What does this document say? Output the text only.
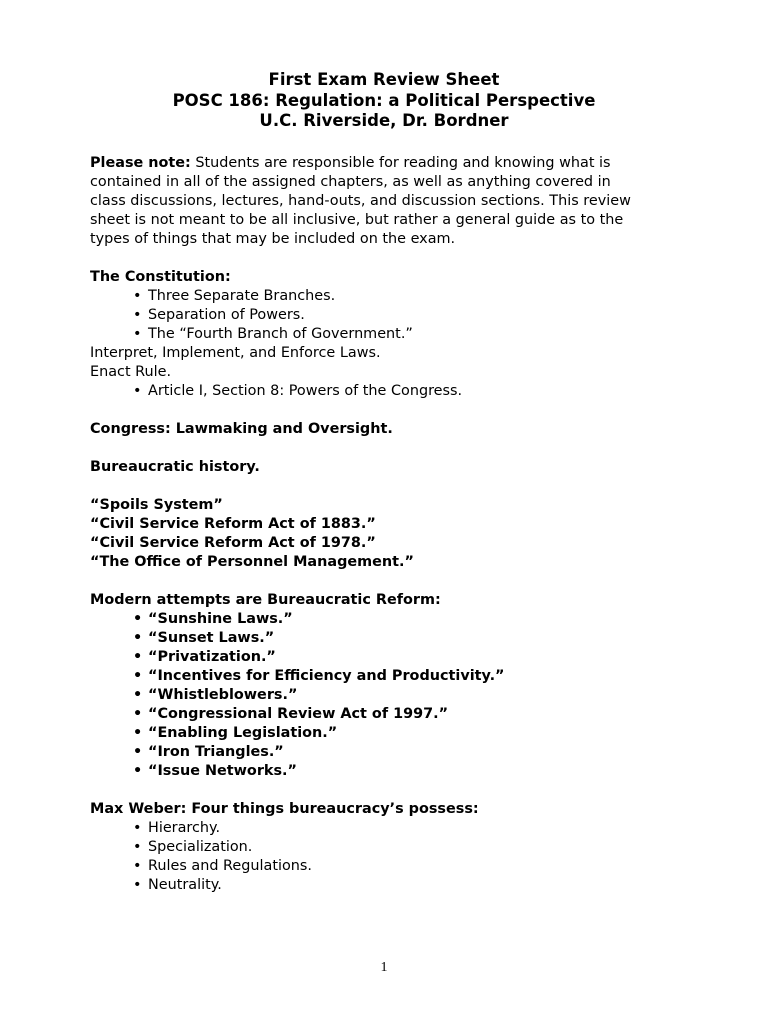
First Exam Review Sheet
POSC 186: Regulation: a Political Perspective
U.C. Riverside, Dr. Bordner

Please note: Students are responsible for reading and knowing what is

contained in all of the assigned chapters, as well as anything covered in

class discussions, lectures, hand-outs, and discussion sections. This review

sheet is not meant to be all inclusive, but rather a general guide as to the

types of things that may be included on the exam.

The Constitution:

• Three Separate Branches.

• Separation of Powers.

• The “Fourth Branch of Government.”

Interpret, Implement, and Enforce Laws.

Enact Rule.

• Article I, Section 8: Powers of the Congress.

Congress: Lawmaking and Oversight.

Bureaucratic history.

“Spoils System”

“Civil Service Reform Act of 1883.”

“Civil Service Reform Act of 1978.”

“The Office of Personnel Management.”

Modern attempts are Bureaucratic Reform:

• “Sunshine Laws.”

• “Sunset Laws.”

• “Privatization.”

• “Incentives for Efficiency and Productivity.”

• “Whistleblowers.”

• “Congressional Review Act of 1997.”

• “Enabling Legislation.”

• “Iron Triangles.”

• “Issue Networks.”

Max Weber: Four things bureaucracy’s possess:

• Hierarchy.

• Specialization.

• Rules and Regulations.

• Neutrality.

1
